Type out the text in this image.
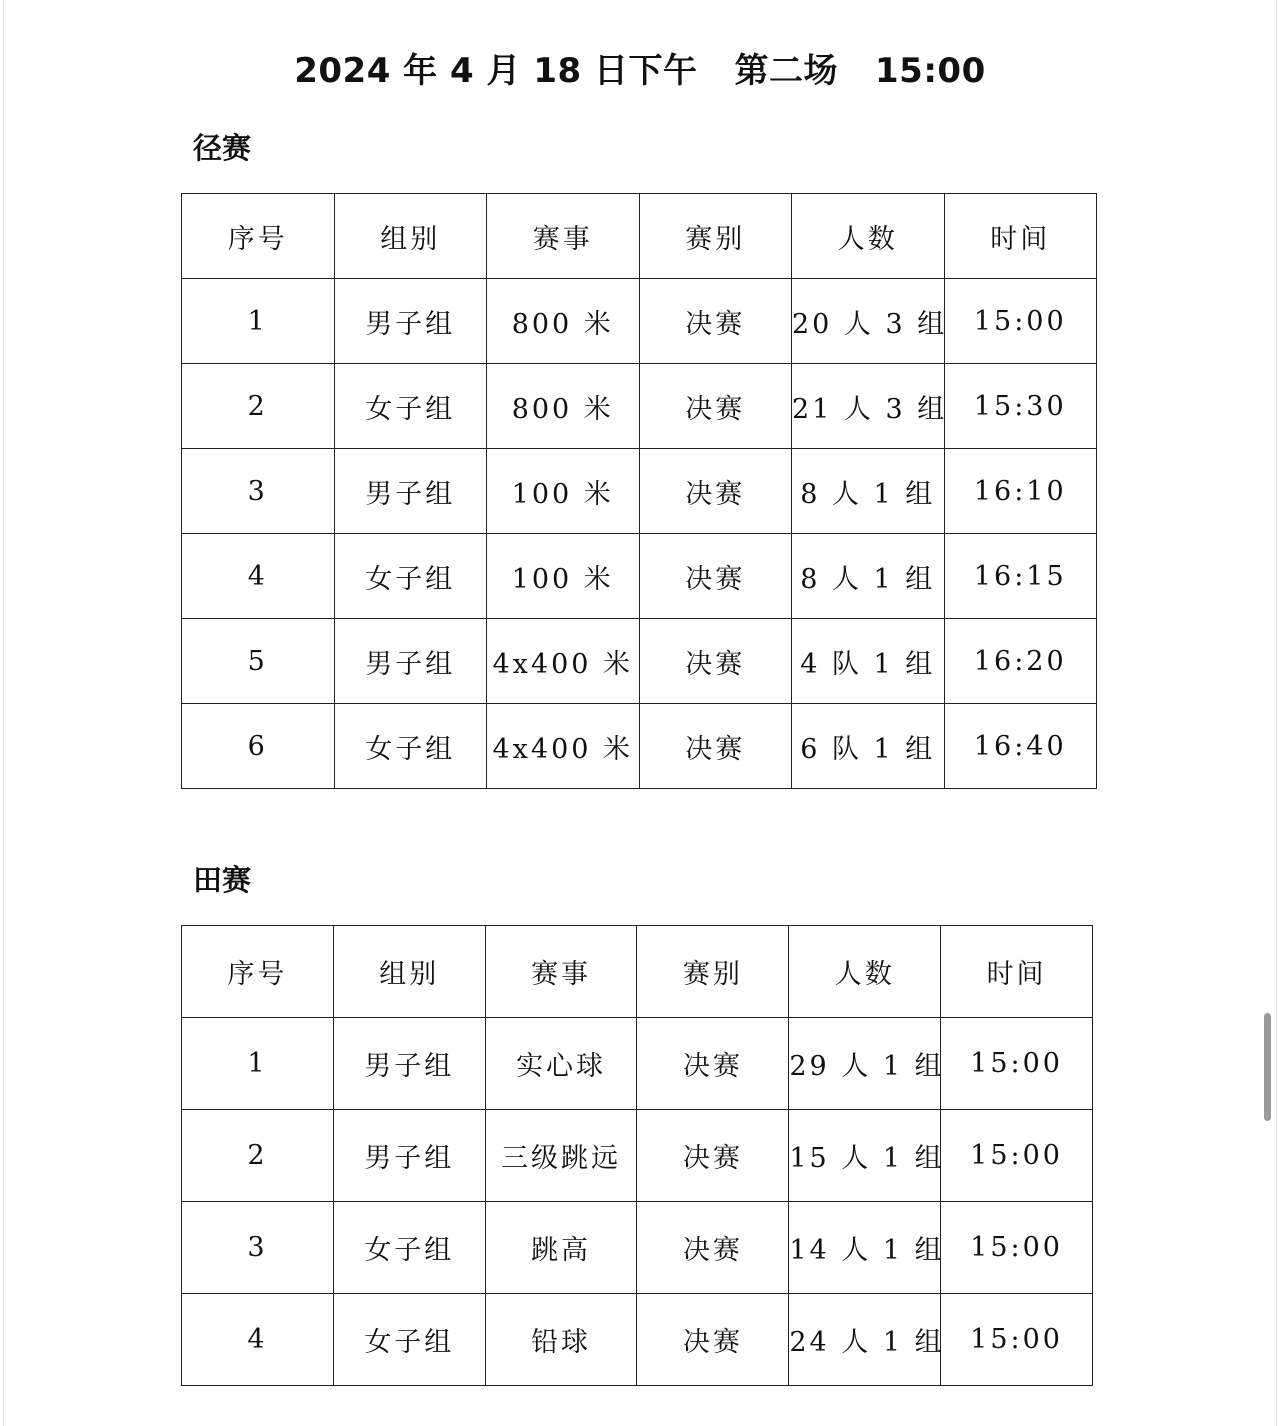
2024 年 4 月 18 日下午   第二场   15:00
径赛
序号	组别	赛事	赛别	人数	时间
1	男子组	800 米	决赛	20 人 3 组	15:00
2	女子组	800 米	决赛	21 人 3 组	15:30
3	男子组	100 米	决赛	8 人 1 组	16:10
4	女子组	100 米	决赛	8 人 1 组	16:15
5	男子组	4x400 米	决赛	4 队 1 组	16:20
6	女子组	4x400 米	决赛	6 队 1 组	16:40
田赛
序号	组别	赛事	赛别	人数	时间
1	男子组	实心球	决赛	29 人 1 组	15:00
2	男子组	三级跳远	决赛	15 人 1 组	15:00
3	女子组	跳高	决赛	14 人 1 组	15:00
4	女子组	铅球	决赛	24 人 1 组	15:00
